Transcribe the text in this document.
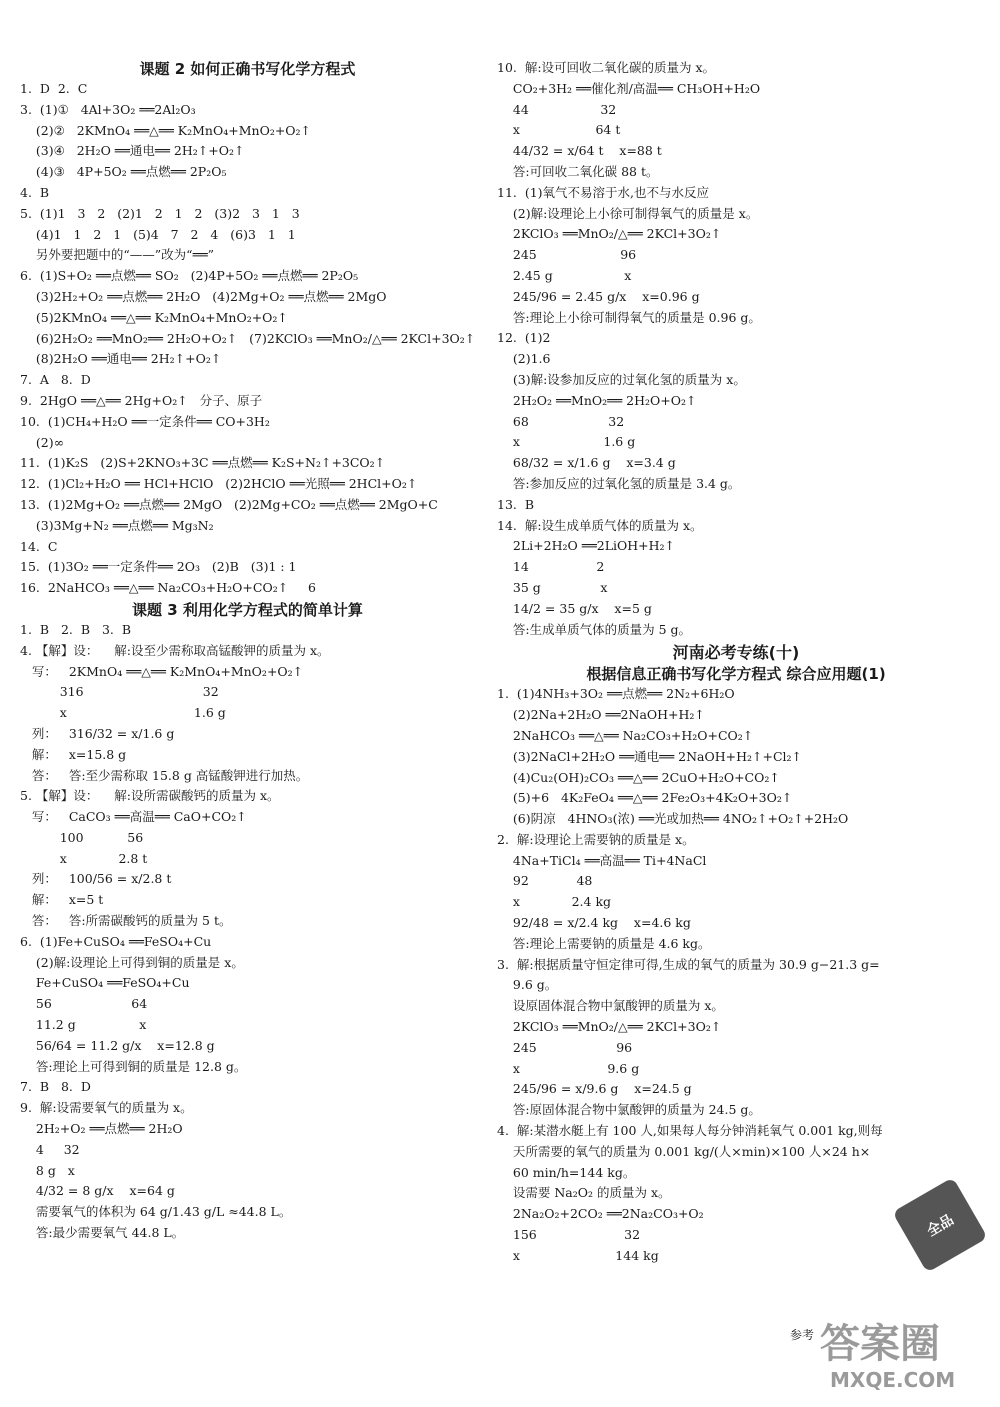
课题 2 如何正确书写化学方程式
1.  D  2.  C
3.  (1)①   4Al+3O₂ ══2Al₂O₃
(2)②   2KMnO₄ ══△══ K₂MnO₄+MnO₂+O₂↑
(3)④   2H₂O ══通电══ 2H₂↑+O₂↑
(4)③   4P+5O₂ ══点燃══ 2P₂O₅
4.  B
5.  (1)1   3   2   (2)1   2   1   2   (3)2   3   1   3
(4)1   1   2   1   (5)4   7   2   4   (6)3   1   1
另外要把题中的“——”改为“══”
6.  (1)S+O₂ ══点燃══ SO₂   (2)4P+5O₂ ══点燃══ 2P₂O₅
(3)2H₂+O₂ ══点燃══ 2H₂O   (4)2Mg+O₂ ══点燃══ 2MgO
(5)2KMnO₄ ══△══ K₂MnO₄+MnO₂+O₂↑
(6)2H₂O₂ ══MnO₂══ 2H₂O+O₂↑   (7)2KClO₃ ══MnO₂/△══ 2KCl+3O₂↑
(8)2H₂O ══通电══ 2H₂↑+O₂↑
7.  A   8.  D
9.  2HgO ══△══ 2Hg+O₂↑   分子、原子
10.  (1)CH₄+H₂O ══一定条件══ CO+3H₂
(2)∞
11.  (1)K₂S   (2)S+2KNO₃+3C ══点燃══ K₂S+N₂↑+3CO₂↑
12.  (1)Cl₂+H₂O ══ HCl+HClO   (2)2HClO ══光照══ 2HCl+O₂↑
13.  (1)2Mg+O₂ ══点燃══ 2MgO   (2)2Mg+CO₂ ══点燃══ 2MgO+C
(3)3Mg+N₂ ══点燃══ Mg₃N₂
14.  C
15.  (1)3O₂ ══一定条件══ 2O₃   (2)B   (3)1 : 1
16.  2NaHCO₃ ══△══ Na₂CO₃+H₂O+CO₂↑     6
课题 3 利用化学方程式的简单计算
1.  B   2.  B   3.  B
4. 【解】设：    解:设至少需称取高锰酸钾的质量为 x。
写：   2KMnO₄ ══△══ K₂MnO₄+MnO₂+O₂↑
316                              32
x                                1.6 g
列：   316/32 = x/1.6 g
解：   x=15.8 g
答：   答:至少需称取 15.8 g 高锰酸钾进行加热。
5. 【解】设：    解:设所需碳酸钙的质量为 x。
写：   CaCO₃ ══高温══ CaO+CO₂↑
100           56
x             2.8 t
列：   100/56 = x/2.8 t
解：   x=5 t
答：   答:所需碳酸钙的质量为 5 t。
6.  (1)Fe+CuSO₄ ══FeSO₄+Cu
(2)解:设理论上可得到铜的质量是 x。
Fe+CuSO₄ ══FeSO₄+Cu
56                    64
11.2 g                x
56/64 = 11.2 g/x    x=12.8 g
答:理论上可得到铜的质量是 12.8 g。
7.  B   8.  D
9.  解:设需要氧气的质量为 x。
2H₂+O₂ ══点燃══ 2H₂O
4     32
8 g   x
4/32 = 8 g/x    x=64 g
需要氧气的体积为 64 g/1.43 g/L ≈44.8 L。
答:最少需要氧气 44.8 L。
10.  解:设可回收二氧化碳的质量为 x。
CO₂+3H₂ ══催化剂/高温══ CH₃OH+H₂O
44                  32
x                   64 t
44/32 = x/64 t    x=88 t
答:可回收二氧化碳 88 t。
11.  (1)氧气不易溶于水,也不与水反应
(2)解:设理论上小徐可制得氧气的质量是 x。
2KClO₃ ══MnO₂/△══ 2KCl+3O₂↑
245                     96
2.45 g                  x
245/96 = 2.45 g/x    x=0.96 g
答:理论上小徐可制得氧气的质量是 0.96 g。
12.  (1)2
(2)1.6
(3)解:设参加反应的过氧化氢的质量为 x。
2H₂O₂ ══MnO₂══ 2H₂O+O₂↑
68                    32
x                     1.6 g
68/32 = x/1.6 g    x=3.4 g
答:参加反应的过氧化氢的质量是 3.4 g。
13.  B
14.  解:设生成单质气体的质量为 x。
2Li+2H₂O ══2LiOH+H₂↑
14                 2
35 g               x
14/2 = 35 g/x    x=5 g
答:生成单质气体的质量为 5 g。
河南必考专练(十)
根据信息正确书写化学方程式 综合应用题(1)
1.  (1)4NH₃+3O₂ ══点燃══ 2N₂+6H₂O
(2)2Na+2H₂O ══2NaOH+H₂↑
2NaHCO₃ ══△══ Na₂CO₃+H₂O+CO₂↑
(3)2NaCl+2H₂O ══通电══ 2NaOH+H₂↑+Cl₂↑
(4)Cu₂(OH)₂CO₃ ══△══ 2CuO+H₂O+CO₂↑
(5)+6   4K₂FeO₄ ══△══ 2Fe₂O₃+4K₂O+3O₂↑
(6)阴凉   4HNO₃(浓) ══光或加热══ 4NO₂↑+O₂↑+2H₂O
2.  解:设理论上需要钠的质量是 x。
4Na+TiCl₄ ══高温══ Ti+4NaCl
92            48
x             2.4 kg
92/48 = x/2.4 kg    x=4.6 kg
答:理论上需要钠的质量是 4.6 kg。
3.  解:根据质量守恒定律可得,生成的氧气的质量为 30.9 g−21.3 g=
9.6 g。
设原固体混合物中氯酸钾的质量为 x。
2KClO₃ ══MnO₂/△══ 2KCl+3O₂↑
245                    96
x                      9.6 g
245/96 = x/9.6 g    x=24.5 g
答:原固体混合物中氯酸钾的质量为 24.5 g。
4.  解:某潜水艇上有 100 人,如果每人每分钟消耗氧气 0.001 kg,则每
天所需要的氧气的质量为 0.001 kg/(人×min)×100 人×24 h×
60 min/h=144 kg。
设需要 Na₂O₂ 的质量为 x。
2Na₂O₂+2CO₂ ══2Na₂CO₃+O₂
156                      32
x                        144 kg
全品
参考 答案圈
MXQE.COM
